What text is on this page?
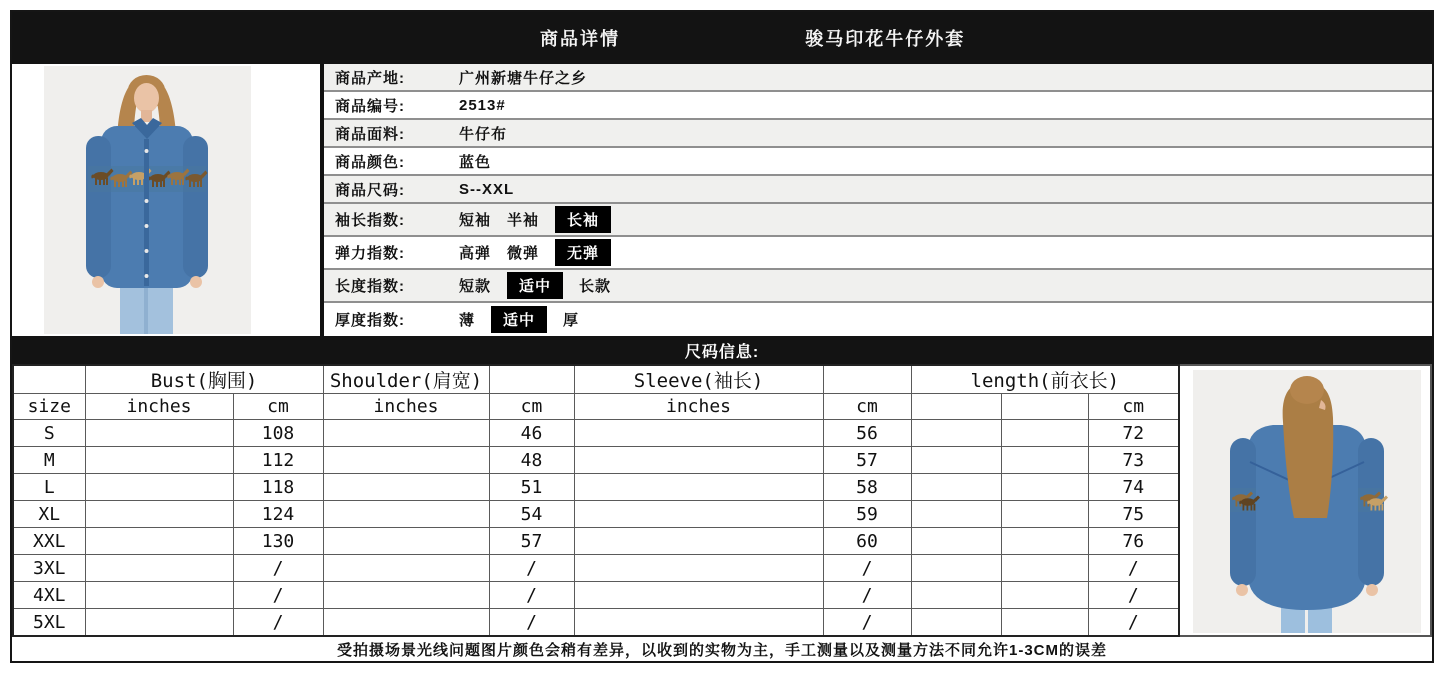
商品详情	骏马印花牛仔外套
商品产地:	广州新塘牛仔之乡
商品编号:	2513#
商品面料:	牛仔布
商品颜色:	蓝色
商品尺码:	S--XXL
袖长指数:	短袖 半袖	长袖
弹力指数:	高弹 微弹	无弹
长度指数:	短款	适中	长款
厚度指数:	薄	适中	厚
尺码信息:
	Bust(胸围)		Shoulder(肩宽)		Sleeve(袖长)		length(前衣长)		
size	inches	cm	inches	cm	inches	cm			cm
S		108		46		56			72
M		112		48		57			73
L		118		51		58			74
XL		124		54		59			75
XXL		130		57		60			76
3XL		/		/		/			/
4XL		/		/		/			/
5XL		/		/		/			/
受拍摄场景光线问题图片颜色会稍有差异，以收到的实物为主，手工测量以及测量方法不同允许1-3CM的误差
